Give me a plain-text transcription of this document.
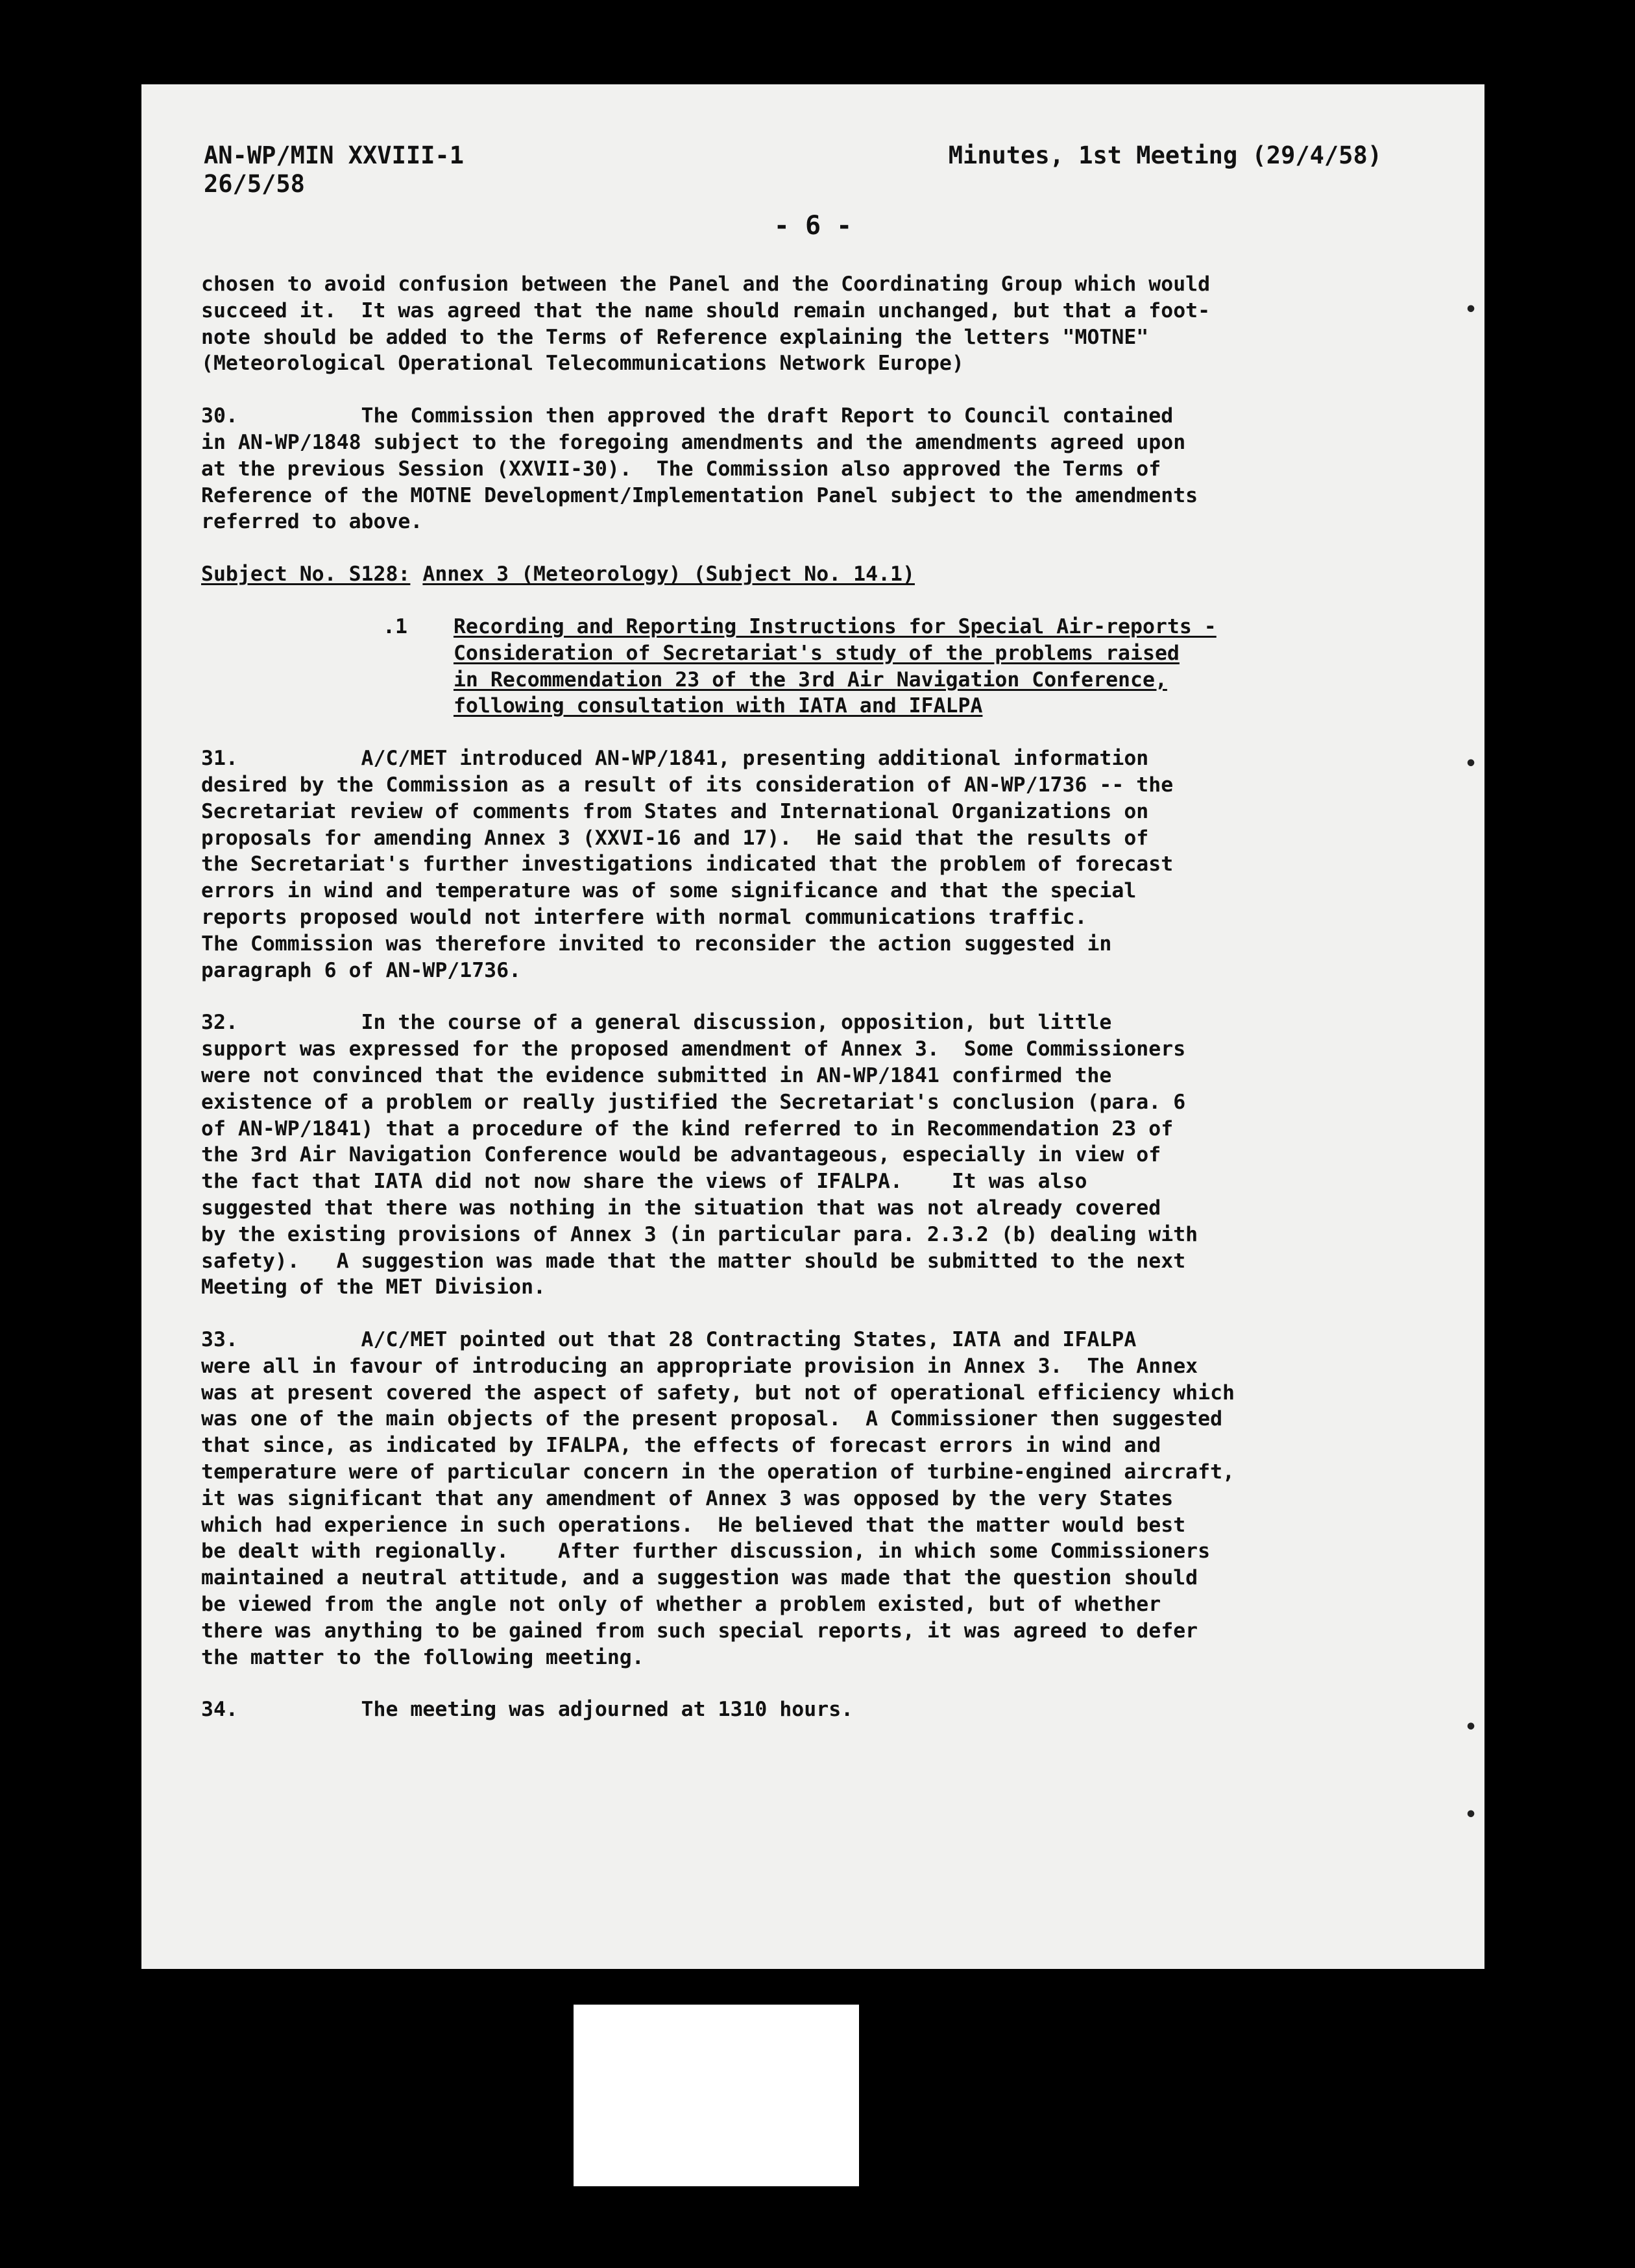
AN-WP/MIN XXVIII-1
26/5/58
Minutes, 1st Meeting (29/4/58)
- 6 -
chosen to avoid confusion between the Panel and the Coordinating Group which would
succeed it.  It was agreed that the name should remain unchanged, but that a foot-
note should be added to the Terms of Reference explaining the letters "MOTNE"
(Meteorological Operational Telecommunications Network Europe)
30.          The Commission then approved the draft Report to Council contained
in AN-WP/1848 subject to the foregoing amendments and the amendments agreed upon
at the previous Session (XXVII-30).  The Commission also approved the Terms of
Reference of the MOTNE Development/Implementation Panel subject to the amendments
referred to above.
Subject No. S128: Annex 3 (Meteorology) (Subject No. 14.1)
.1 Recording and Reporting Instructions for Special Air-reports -
Consideration of Secretariat's study of the problems raised
in Recommendation 23 of the 3rd Air Navigation Conference,
following consultation with IATA and IFALPA
31.          A/C/MET introduced AN-WP/1841, presenting additional information
desired by the Commission as a result of its consideration of AN-WP/1736 -- the
Secretariat review of comments from States and International Organizations on
proposals for amending Annex 3 (XXVI-16 and 17).  He said that the results of
the Secretariat's further investigations indicated that the problem of forecast
errors in wind and temperature was of some significance and that the special
reports proposed would not interfere with normal communications traffic.
The Commission was therefore invited to reconsider the action suggested in
paragraph 6 of AN-WP/1736.
32.          In the course of a general discussion, opposition, but little
support was expressed for the proposed amendment of Annex 3.  Some Commissioners
were not convinced that the evidence submitted in AN-WP/1841 confirmed the
existence of a problem or really justified the Secretariat's conclusion (para. 6
of AN-WP/1841) that a procedure of the kind referred to in Recommendation 23 of
the 3rd Air Navigation Conference would be advantageous, especially in view of
the fact that IATA did not now share the views of IFALPA.    It was also
suggested that there was nothing in the situation that was not already covered
by the existing provisions of Annex 3 (in particular para. 2.3.2 (b) dealing with
safety).   A suggestion was made that the matter should be submitted to the next
Meeting of the MET Division.
33.          A/C/MET pointed out that 28 Contracting States, IATA and IFALPA
were all in favour of introducing an appropriate provision in Annex 3.  The Annex
was at present covered the aspect of safety, but not of operational efficiency which
was one of the main objects of the present proposal.  A Commissioner then suggested
that since, as indicated by IFALPA, the effects of forecast errors in wind and
temperature were of particular concern in the operation of turbine-engined aircraft,
it was significant that any amendment of Annex 3 was opposed by the very States
which had experience in such operations.  He believed that the matter would best
be dealt with regionally.    After further discussion, in which some Commissioners
maintained a neutral attitude, and a suggestion was made that the question should
be viewed from the angle not only of whether a problem existed, but of whether
there was anything to be gained from such special reports, it was agreed to defer
the matter to the following meeting.
34.          The meeting was adjourned at 1310 hours.
•
•
•
•
